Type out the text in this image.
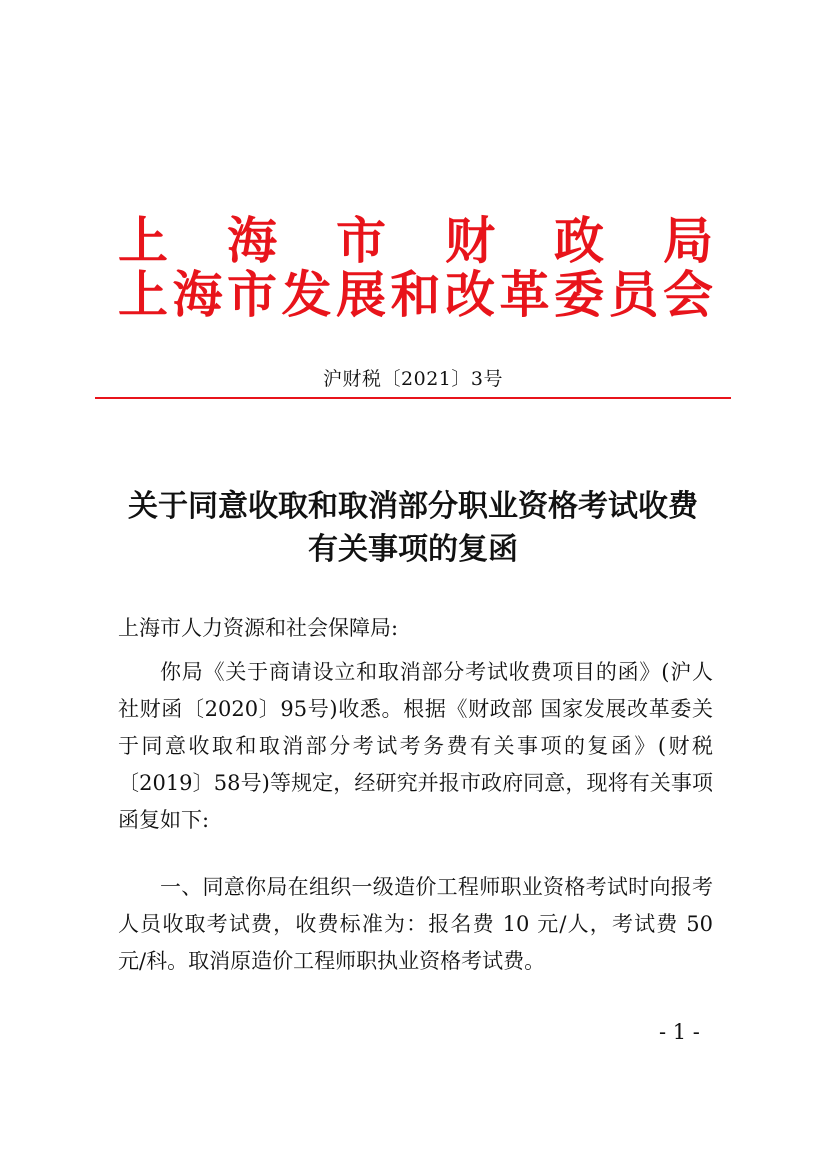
上 海 市 财 政 局
上 海 市 发 展 和 改 革 委 员 会
沪财税〔2021〕3号
关于同意收取和取消部分职业资格考试收费
有关事项的复函
上海市人力资源和社会保障局:
你局《关于商请设立和取消部分考试收费项目的函》(沪人社财函〔2020〕95号)收悉。根据《财政部 国家发展改革委关于同意收取和取消部分考试考务费有关事项的复函》(财税〔2019〕58号)等规定，经研究并报市政府同意，现将有关事项函复如下:
一、同意你局在组织一级造价工程师职业资格考试时向报考人员收取考试费，收费标准为：报名费 10 元/人，考试费 50 元/科。取消原造价工程师职执业资格考试费。
- 1 -
